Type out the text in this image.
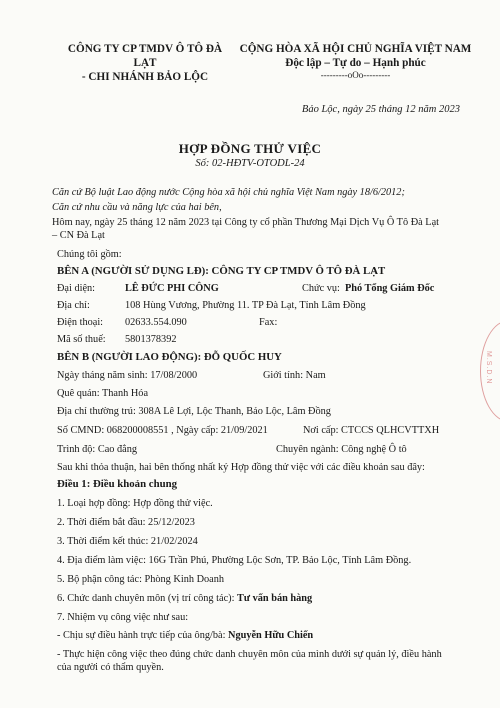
CÔNG TY CP TMDV Ô TÔ ĐÀ LẠT
- CHI NHÁNH BẢO LỘC
CỘNG HÒA XÃ HỘI CHỦ NGHĨA VIỆT NAM
Độc lập – Tự do – Hạnh phúc
---------oOo---------
Bảo Lộc, ngày 25 tháng 12 năm 2023
HỢP ĐỒNG THỬ VIỆC
Số: 02-HĐTV-OTODL-24
Căn cứ Bộ luật Lao động nước Cộng hòa xã hội chủ nghĩa Việt Nam ngày 18/6/2012;
Căn cứ nhu cầu và năng lực của hai bên,
Hôm nay, ngày 25 tháng 12 năm 2023 tại Công ty cổ phần Thương Mại Dịch Vụ Ô Tô Đà Lạt
– CN Đà Lạt
Chúng tôi gồm:
BÊN A (NGƯỜI SỬ DỤNG LĐ): CÔNG TY CP TMDV Ô TÔ ĐÀ LẠT
Đại diện:	LÊ ĐỨC PHI CÔNG	Chức vụ: Phó Tổng Giám Đốc
Địa chỉ:	108 Hùng Vương, Phường 11. TP Đà Lạt, Tỉnh Lâm Đồng
Điện thoại: 02633.554.090	Fax:
Mã số thuế: 5801378392
BÊN B (NGƯỜI LAO ĐỘNG): ĐỖ QUỐC HUY
Ngày tháng năm sinh: 17/08/2000	Giới tính: Nam
Quê quán: Thanh Hóa
Địa chỉ thường trú: 308A Lê Lợi, Lộc Thanh, Bảo Lộc, Lâm Đồng
Số CMND: 068200008551 , Ngày cấp: 21/09/2021	Nơi cấp: CTCCS QLHCVTTXH
Trình độ: Cao đẳng	Chuyên ngành: Công nghệ Ô tô
Sau khi thỏa thuận, hai bên thống nhất ký Hợp đồng thử việc với các điều khoản sau đây:
Điều 1: Điều khoản chung
1. Loại hợp đồng: Hợp đồng thử việc.
2. Thời điểm bắt đầu: 25/12/2023
3. Thời điểm kết thúc: 21/02/2024
4. Địa điểm làm việc: 16G Trần Phú, Phường Lộc Sơn, TP. Bảo Lộc, Tỉnh Lâm Đồng.
5. Bộ phận công tác: Phòng Kinh Doanh
6. Chức danh chuyên môn (vị trí công tác): Tư vấn bán hàng
7. Nhiệm vụ công việc như sau:
- Chịu sự điều hành trực tiếp của ông/bà: Nguyễn Hữu Chiến
- Thực hiện công việc theo đúng chức danh chuyên môn của mình dưới sự quản lý, điều hành
của người có thẩm quyền.
M.S.D.N
